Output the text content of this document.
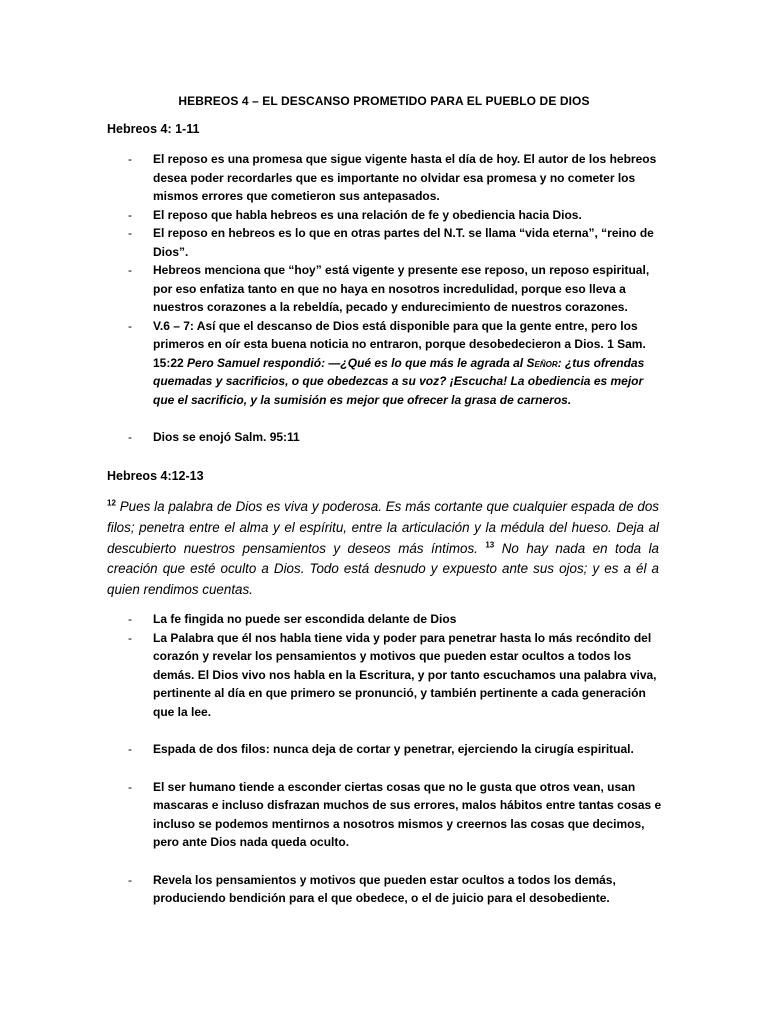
HEBREOS 4 – EL DESCANSO PROMETIDO PARA EL PUEBLO DE DIOS
Hebreos 4: 1-11
- El reposo es una promesa que sigue vigente hasta el día de hoy. El autor de los hebreos desea poder recordarles que es importante no olvidar esa promesa y no cometer los mismos errores que cometieron sus antepasados.
- El reposo que habla hebreos es una relación de fe y obediencia hacia Dios.
- El reposo en hebreos es lo que en otras partes del N.T. se llama “vida eterna”, “reino de Dios”.
- Hebreos menciona que “hoy” está vigente y presente ese reposo, un reposo espiritual, por eso enfatiza tanto en que no haya en nosotros incredulidad, porque eso lleva a nuestros corazones a la rebeldía, pecado y endurecimiento de nuestros corazones.
- V.6 – 7: Así que el descanso de Dios está disponible para que la gente entre, pero los primeros en oír esta buena noticia no entraron, porque desobedecieron a Dios. 1 Sam. 15:22 Pero Samuel respondió: —¿Qué es lo que más le agrada al Señor: ¿tus ofrendas quemadas y sacrificios, o que obedezcas a su voz? ¡Escucha! La obediencia es mejor que el sacrificio, y la sumisión es mejor que ofrecer la grasa de carneros.
- Dios se enojó Salm. 95:11
Hebreos 4:12-13

$^{12}$ Pues la palabra de Dios es viva y poderosa. Es más cortante que cualquier espada de dos filos; penetra entre el alma y el espíritu, entre la articulación y la médula del hueso. Deja al descubierto nuestros pensamientos y deseos más íntimos. $^{13}$ No hay nada en toda la creación que esté oculto a Dios. Todo está desnudo y expuesto ante sus ojos; y es a él a quien rendimos cuentas.

- La fe fingida no puede ser escondida delante de Dios
- La Palabra que él nos habla tiene vida y poder para penetrar hasta lo más recóndito del corazón y revelar los pensamientos y motivos que pueden estar ocultos a todos los demás. El Dios vivo nos habla en la Escritura, y por tanto escuchamos una palabra viva, pertinente al día en que primero se pronunció, y también pertinente a cada generación que la lee.
- Espada de dos filos: nunca deja de cortar y penetrar, ejerciendo la cirugía espiritual.
- El ser humano tiende a esconder ciertas cosas que no le gusta que otros vean, usan mascaras e incluso disfrazan muchos de sus errores, malos hábitos entre tantas cosas e incluso se podemos mentirnos a nosotros mismos y creernos las cosas que decimos, pero ante Dios nada queda oculto.
- Revela los pensamientos y motivos que pueden estar ocultos a todos los demás, produciendo bendición para el que obedece, o el de juicio para el desobediente.
